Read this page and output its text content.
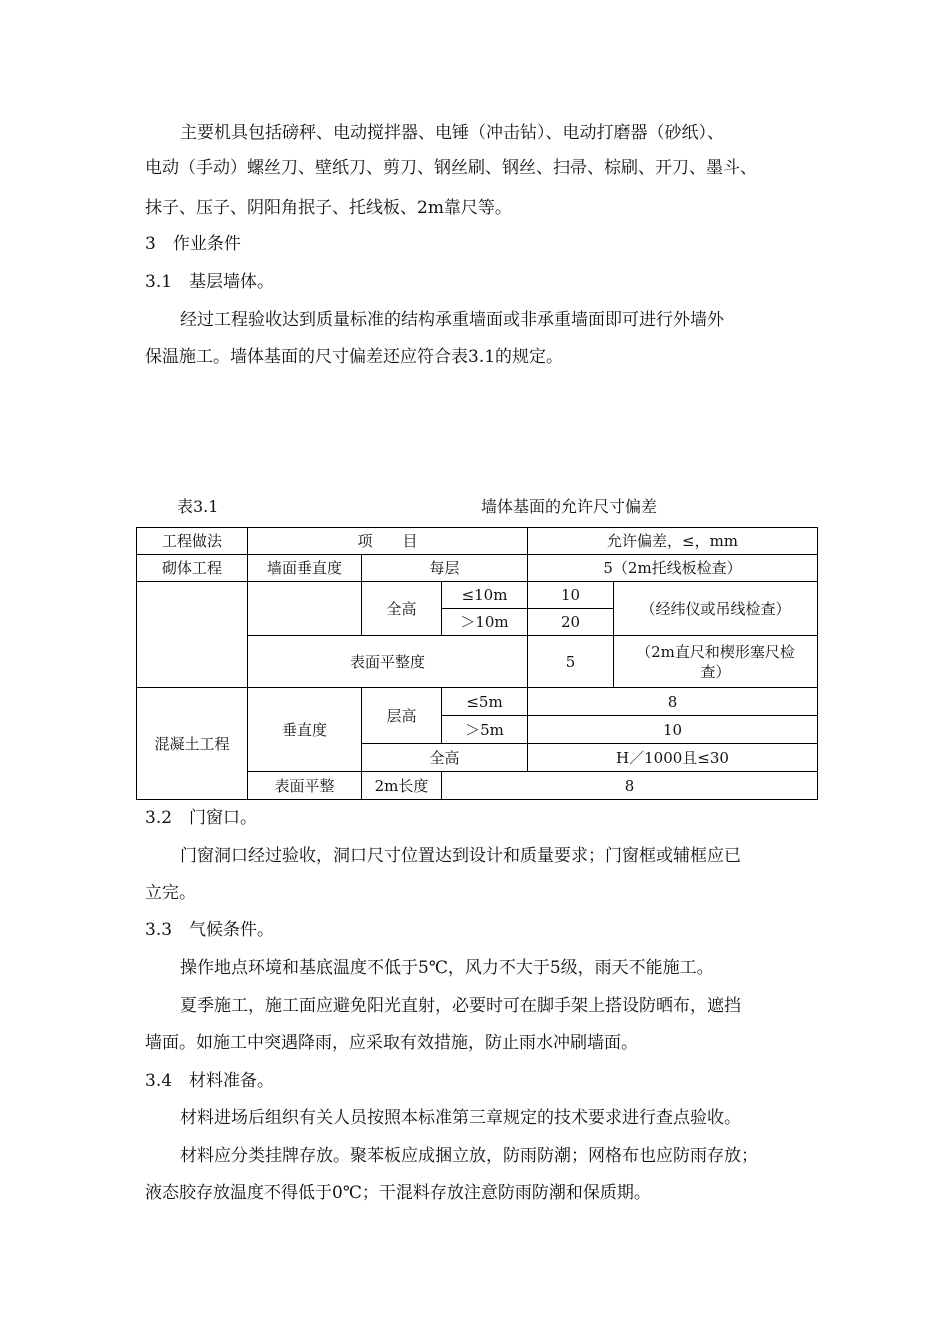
主要机具包括磅秤、电动搅拌器、电锤（冲击钻）、电动打磨器（砂纸）、
电动（手动）螺丝刀、壁纸刀、剪刀、钢丝刷、钢丝、扫帚、棕刷、开刀、墨斗、
抹子、压子、阴阳角抿子、托线板、2m靠尺等。
3　作业条件
3.1　基层墙体。
经过工程验收达到质量标准的结构承重墙面或非承重墙面即可进行外墙外
保温施工。墙体基面的尺寸偏差还应符合表3.1的规定。
表3.1	墙体基面的允许尺寸偏差
工程做法	项　　目			允许偏差，≤，mm	
砌体工程	墙面垂直度	每层		5（2m托线板检查）	
		全高	≤10m	10	（经纬仪或吊线检查）
			＞10m	20	
	表面平整度			5	（2m直尺和楔形塞尺检查）
混凝土工程	垂直度	层高	≤5m	8	
			＞5m	10	
		全高		H／1000且≤30	
	表面平整	2m长度	8		
3.2　门窗口。
门窗洞口经过验收，洞口尺寸位置达到设计和质量要求；门窗框或辅框应已
立完。
3.3　气候条件。
操作地点环境和基底温度不低于5℃，风力不大于5级，雨天不能施工。
夏季施工，施工面应避免阳光直射，必要时可在脚手架上搭设防晒布，遮挡
墙面。如施工中突遇降雨，应采取有效措施，防止雨水冲刷墙面。
3.4　材料准备。
材料进场后组织有关人员按照本标准第三章规定的技术要求进行查点验收。
材料应分类挂牌存放。聚苯板应成捆立放，防雨防潮；网格布也应防雨存放；
液态胶存放温度不得低于0℃；干混料存放注意防雨防潮和保质期。
